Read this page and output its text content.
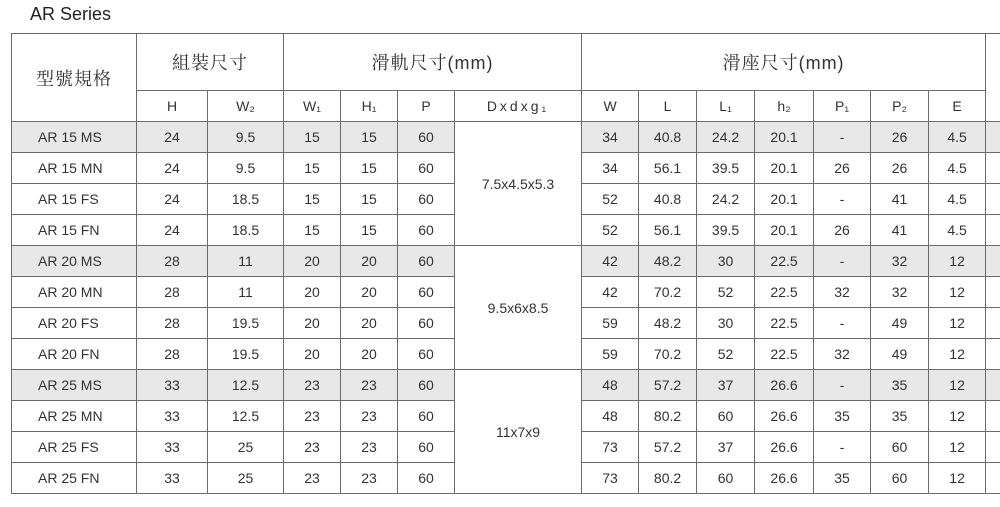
AR Series
型號規格	組裝尺寸		滑軌尺寸(mm)				滑座尺寸(mm)							
	H	W₂	W₁	H₁	P	Dxdxg₁	W	L	L₁	h₂	P₁	P₂	E	
AR 15 MS	24	9.5	15	15	60	7.5x4.5x5.3	34	40.8	24.2	20.1	-	26	4.5	
AR 15 MN	24	9.5	15	15	60		34	56.1	39.5	20.1	26	26	4.5	
AR 15 FS	24	18.5	15	15	60		52	40.8	24.2	20.1	-	41	4.5	
AR 15 FN	24	18.5	15	15	60		52	56.1	39.5	20.1	26	41	4.5	
AR 20 MS	28	11	20	20	60	9.5x6x8.5	42	48.2	30	22.5	-	32	12	
AR 20 MN	28	11	20	20	60		42	70.2	52	22.5	32	32	12	
AR 20 FS	28	19.5	20	20	60		59	48.2	30	22.5	-	49	12	
AR 20 FN	28	19.5	20	20	60		59	70.2	52	22.5	32	49	12	
AR 25 MS	33	12.5	23	23	60	11x7x9	48	57.2	37	26.6	-	35	12	
AR 25 MN	33	12.5	23	23	60		48	80.2	60	26.6	35	35	12	
AR 25 FS	33	25	23	23	60		73	57.2	37	26.6	-	60	12	
AR 25 FN	33	25	23	23	60		73	80.2	60	26.6	35	60	12	
